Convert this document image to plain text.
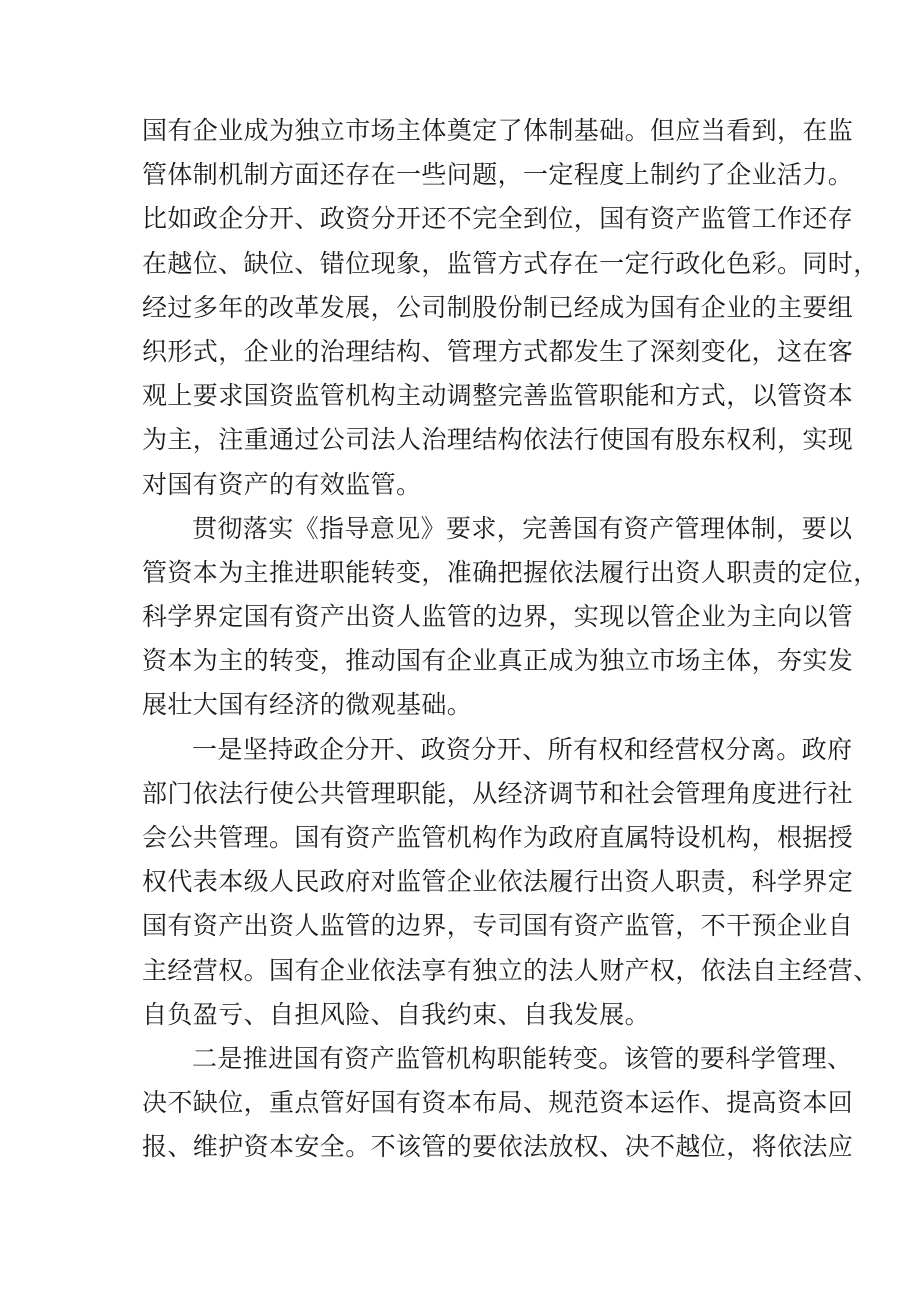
国有企业成为独立市场主体奠定了体制基础。但应当看到，在监
管体制机制方面还存在一些问题，一定程度上制约了企业活力。
比如政企分开、政资分开还不完全到位，国有资产监管工作还存
在越位、缺位、错位现象，监管方式存在一定行政化色彩。同时，
经过多年的改革发展，公司制股份制已经成为国有企业的主要组
织形式，企业的治理结构、管理方式都发生了深刻变化，这在客
观上要求国资监管机构主动调整完善监管职能和方式，以管资本
为主，注重通过公司法人治理结构依法行使国有股东权利，实现
对国有资产的有效监管。
贯彻落实《指导意见》要求，完善国有资产管理体制，要以
管资本为主推进职能转变，准确把握依法履行出资人职责的定位，
科学界定国有资产出资人监管的边界，实现以管企业为主向以管
资本为主的转变，推动国有企业真正成为独立市场主体，夯实发
展壮大国有经济的微观基础。
一是坚持政企分开、政资分开、所有权和经营权分离。政府
部门依法行使公共管理职能，从经济调节和社会管理角度进行社
会公共管理。国有资产监管机构作为政府直属特设机构，根据授
权代表本级人民政府对监管企业依法履行出资人职责，科学界定
国有资产出资人监管的边界，专司国有资产监管，不干预企业自
主经营权。国有企业依法享有独立的法人财产权，依法自主经营、
自负盈亏、自担风险、自我约束、自我发展。
二是推进国有资产监管机构职能转变。该管的要科学管理、
决不缺位，重点管好国有资本布局、规范资本运作、提高资本回
报、维护资本安全。不该管的要依法放权、决不越位，将依法应
